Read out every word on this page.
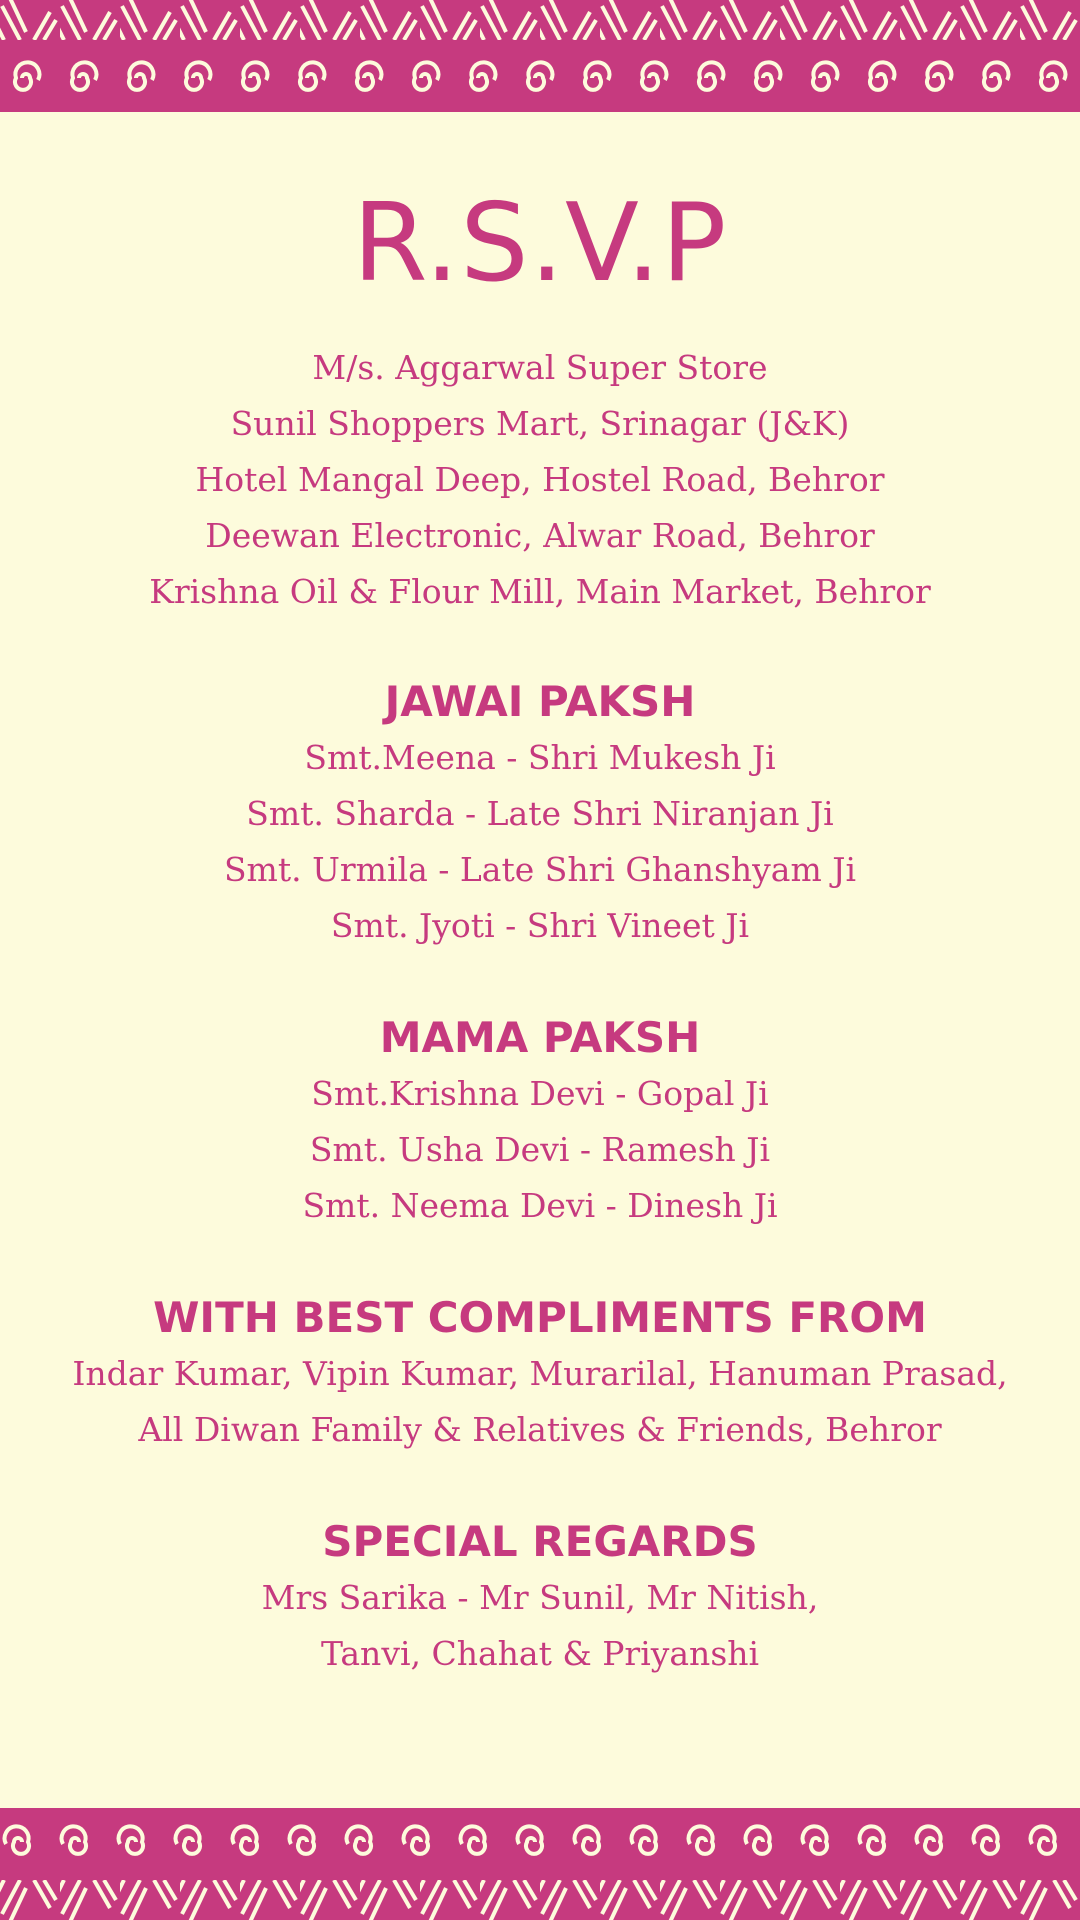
R.S.V.P

M/s. Aggarwal Super Store

Sunil Shoppers Mart, Srinagar (J&K)

Hotel Mangal Deep, Hostel Road, Behror

Deewan Electronic, Alwar Road, Behror

Krishna Oil & Flour Mill, Main Market, Behror

JAWAI PAKSH

Smt.Meena - Shri Mukesh Ji

Smt. Sharda - Late Shri Niranjan Ji

Smt. Urmila - Late Shri Ghanshyam Ji

Smt. Jyoti - Shri Vineet Ji

MAMA PAKSH

Smt.Krishna Devi - Gopal Ji

Smt. Usha Devi - Ramesh Ji

Smt. Neema Devi - Dinesh Ji

WITH BEST COMPLIMENTS FROM

Indar Kumar, Vipin Kumar, Murarilal, Hanuman Prasad,

All Diwan Family & Relatives & Friends, Behror

SPECIAL REGARDS

Mrs Sarika - Mr Sunil, Mr Nitish,

Tanvi, Chahat & Priyanshi
